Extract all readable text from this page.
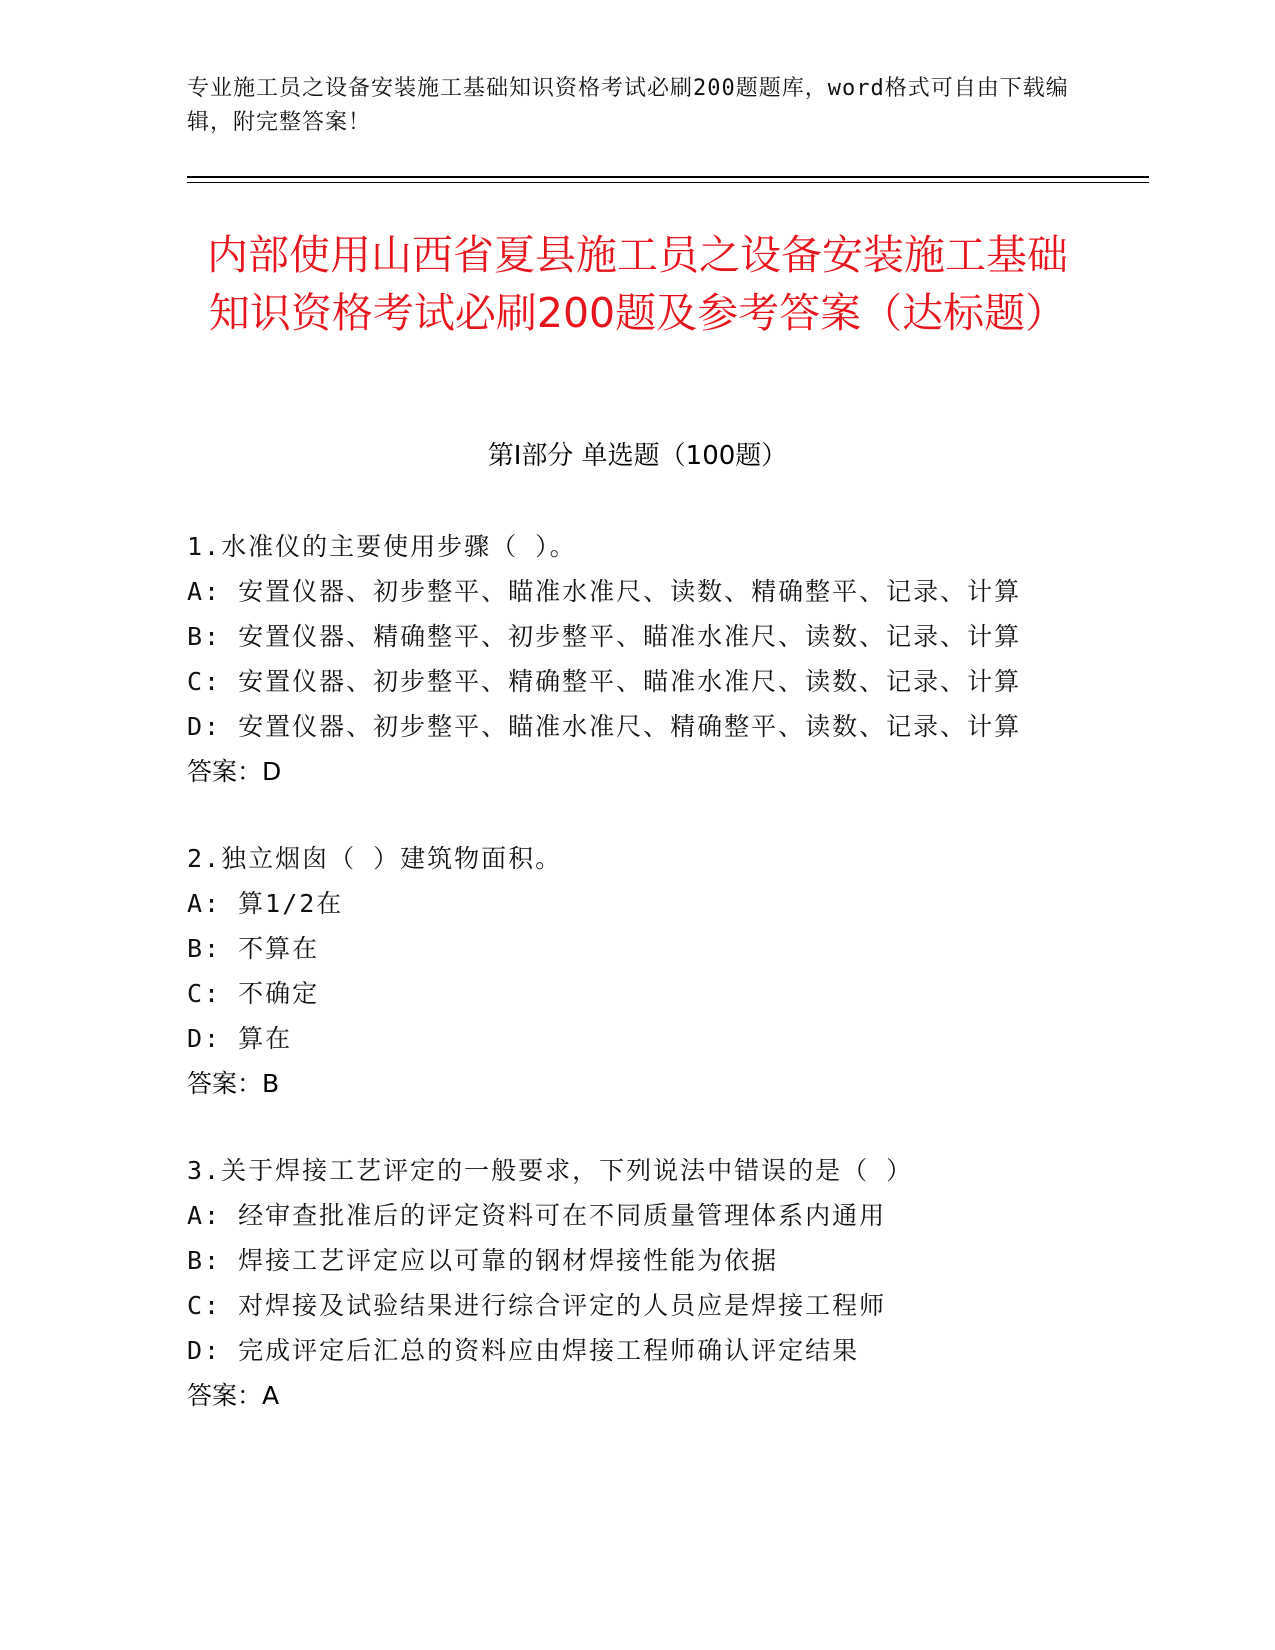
专业施工员之设备安装施工基础知识资格考试必刷200题题库，word格式可自由下载编辑，附完整答案！
内部使用山西省夏县施工员之设备安装施工基础知识资格考试必刷200题及参考答案（达标题）
第Ⅰ部分 单选题（100题）
1.水准仪的主要使用步骤（ ）。
A: 安置仪器、初步整平、瞄准水准尺、读数、精确整平、记录、计算
B: 安置仪器、精确整平、初步整平、瞄准水准尺、读数、记录、计算
C: 安置仪器、初步整平、精确整平、瞄准水准尺、读数、记录、计算
D: 安置仪器、初步整平、瞄准水准尺、精确整平、读数、记录、计算
答案：D
2.独立烟囱（ ）建筑物面积。
A: 算1/2在
B: 不算在
C: 不确定
D: 算在
答案：B
3.关于焊接工艺评定的一般要求，下列说法中错误的是（ ）
A: 经审查批准后的评定资料可在不同质量管理体系内通用
B: 焊接工艺评定应以可靠的钢材焊接性能为依据
C: 对焊接及试验结果进行综合评定的人员应是焊接工程师
D: 完成评定后汇总的资料应由焊接工程师确认评定结果
答案：A
